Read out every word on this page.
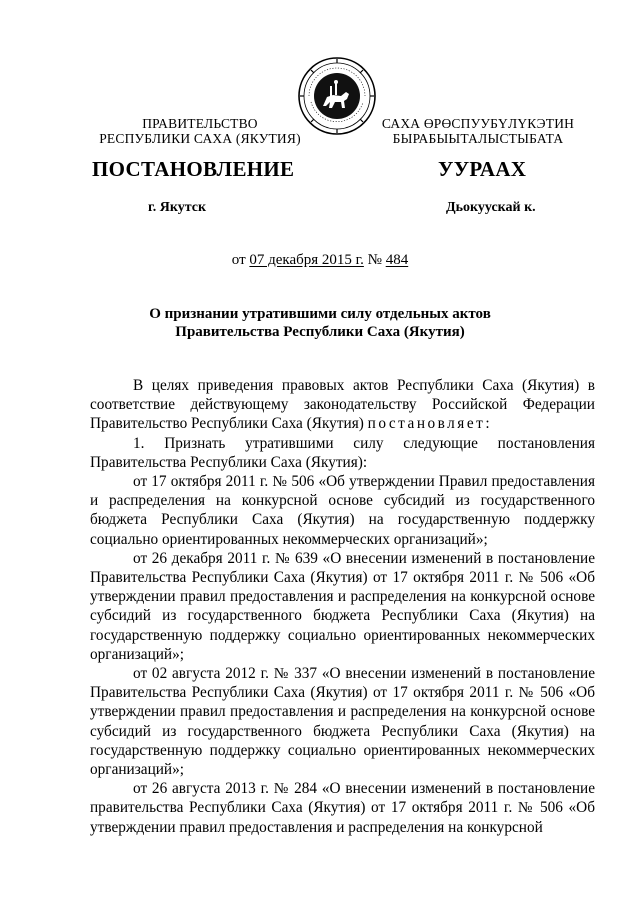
ПРАВИТЕЛЬСТВО
РЕСПУБЛИКИ САХА (ЯКУТИЯ)
САХА ӨРӨСПУУБҮЛҮКЭТИН
БЫРАБЫЫТАЛЫСТЫБАТА
ПОСТАНОВЛЕНИЕ	УУРААХ
г. Якутск	Дьокуускай к.
от 07 декабря 2015 г. № 484
О признании утратившими силу отдельных актов
Правительства Республики Саха (Якутия)

В целях приведения правовых актов Республики Саха (Якутия) в соответствие действующему законодательству Российской Федерации Правительство Республики Саха (Якутия) постановляет:

1. Признать утратившими силу следующие постановления Правительства Республики Саха (Якутия):

от 17 октября 2011 г. № 506 «Об утверждении Правил предоставления и распределения на конкурсной основе субсидий из государственного бюджета Республики Саха (Якутия) на государственную поддержку социально ориентированных некоммерческих организаций»;

от 26 декабря 2011 г. № 639 «О внесении изменений в постановление Правительства Республики Саха (Якутия) от 17 октября 2011 г. № 506 «Об утверждении правил предоставления и распределения на конкурсной основе субсидий из государственного бюджета Республики Саха (Якутия) на государственную поддержку социально ориентированных некоммерческих организаций»;

от 02 августа 2012 г. № 337 «О внесении изменений в постановление Правительства Республики Саха (Якутия) от 17 октября 2011 г. № 506 «Об утверждении правил предоставления и распределения на конкурсной основе субсидий из государственного бюджета Республики Саха (Якутия) на государственную поддержку социально ориентированных некоммерческих организаций»;

от 26 августа 2013 г. № 284 «О внесении изменений в постановление правительства Республики Саха (Якутия) от 17 октября 2011 г. № 506 «Об утверждении правил предоставления и распределения на конкурсной
